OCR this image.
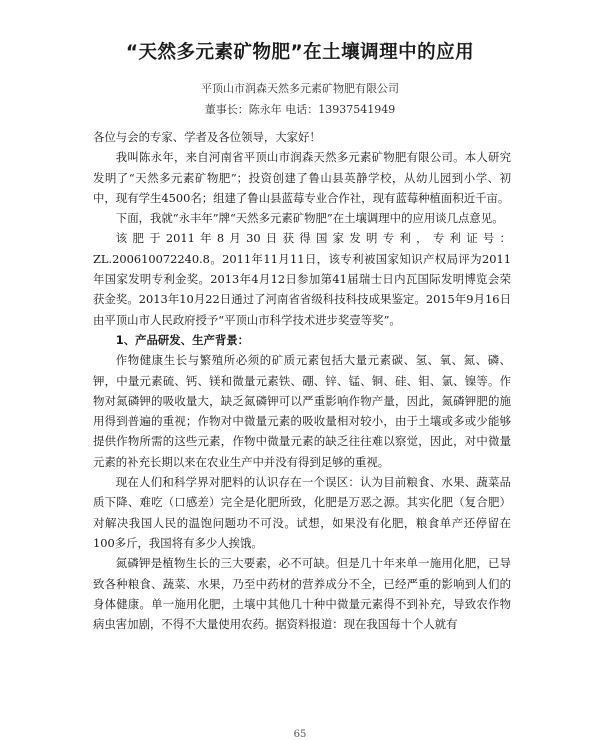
“天然多元素矿物肥”在土壤调理中的应用
平顶山市润森天然多元素矿物肥有限公司
董事长：陈永年 电话：13937541949

各位与会的专家、学者及各位领导，大家好！

我叫陈永年，来自河南省平顶山市润森天然多元素矿物肥有限公司。本人研究发明了“天然多元素矿物肥”；投资创建了鲁山县英静学校，从幼儿园到小学、初中，现有学生4500名；组建了鲁山县蓝莓专业合作社，现有蓝莓种植面积近千亩。

下面，我就“永丰年”牌“天然多元素矿物肥”在土壤调理中的应用谈几点意见。

该肥于2011年8月30日获得国家发明专利，专利证号：ZL.200610072240.8。2011年11月11日，该专利被国家知识产权局评为2011年国家发明专利金奖。2013年4月12日参加第41届瑞士日内瓦国际发明博览会荣获金奖。2013年10月22日通过了河南省省级科技科技成果鉴定。2015年9月16日由平顶山市人民政府授予“平顶山市科学技术进步奖壹等奖”。

1、产品研发、生产背景：

作物健康生长与繁殖所必须的矿质元素包括大量元素碳、氢、氧、氮、磷、钾，中量元素硫、钙、镁和微量元素铁、硼、锌、锰、铜、硅、钼、氯、镍等。作物对氮磷钾的吸收量大，缺乏氮磷钾可以严重影响作物产量，因此，氮磷钾肥的施用得到普遍的重视；作物对中微量元素的吸收量相对较小，由于土壤或多或少能够提供作物所需的这些元素，作物中微量元素的缺乏往往难以察觉，因此，对中微量元素的补充长期以来在农业生产中并没有得到足够的重视。

现在人们和科学界对肥料的认识存在一个误区：认为目前粮食、水果、蔬菜品质下降、难吃（口感差）完全是化肥所致，化肥是万恶之源。其实化肥（复合肥）对解决我国人民的温饱问题功不可没。试想，如果没有化肥，粮食单产还停留在100多斤，我国将有多少人挨饿。

氮磷钾是植物生长的三大要素，必不可缺。但是几十年来单一施用化肥，已导致各种粮食、蔬菜、水果，乃至中药材的营养成分不全，已经严重的影响到人们的身体健康。单一施用化肥，土壤中其他几十种中微量元素得不到补充，导致农作物病虫害加剧，不得不大量使用农药。据资料报道：现在我国每十个人就有

65
